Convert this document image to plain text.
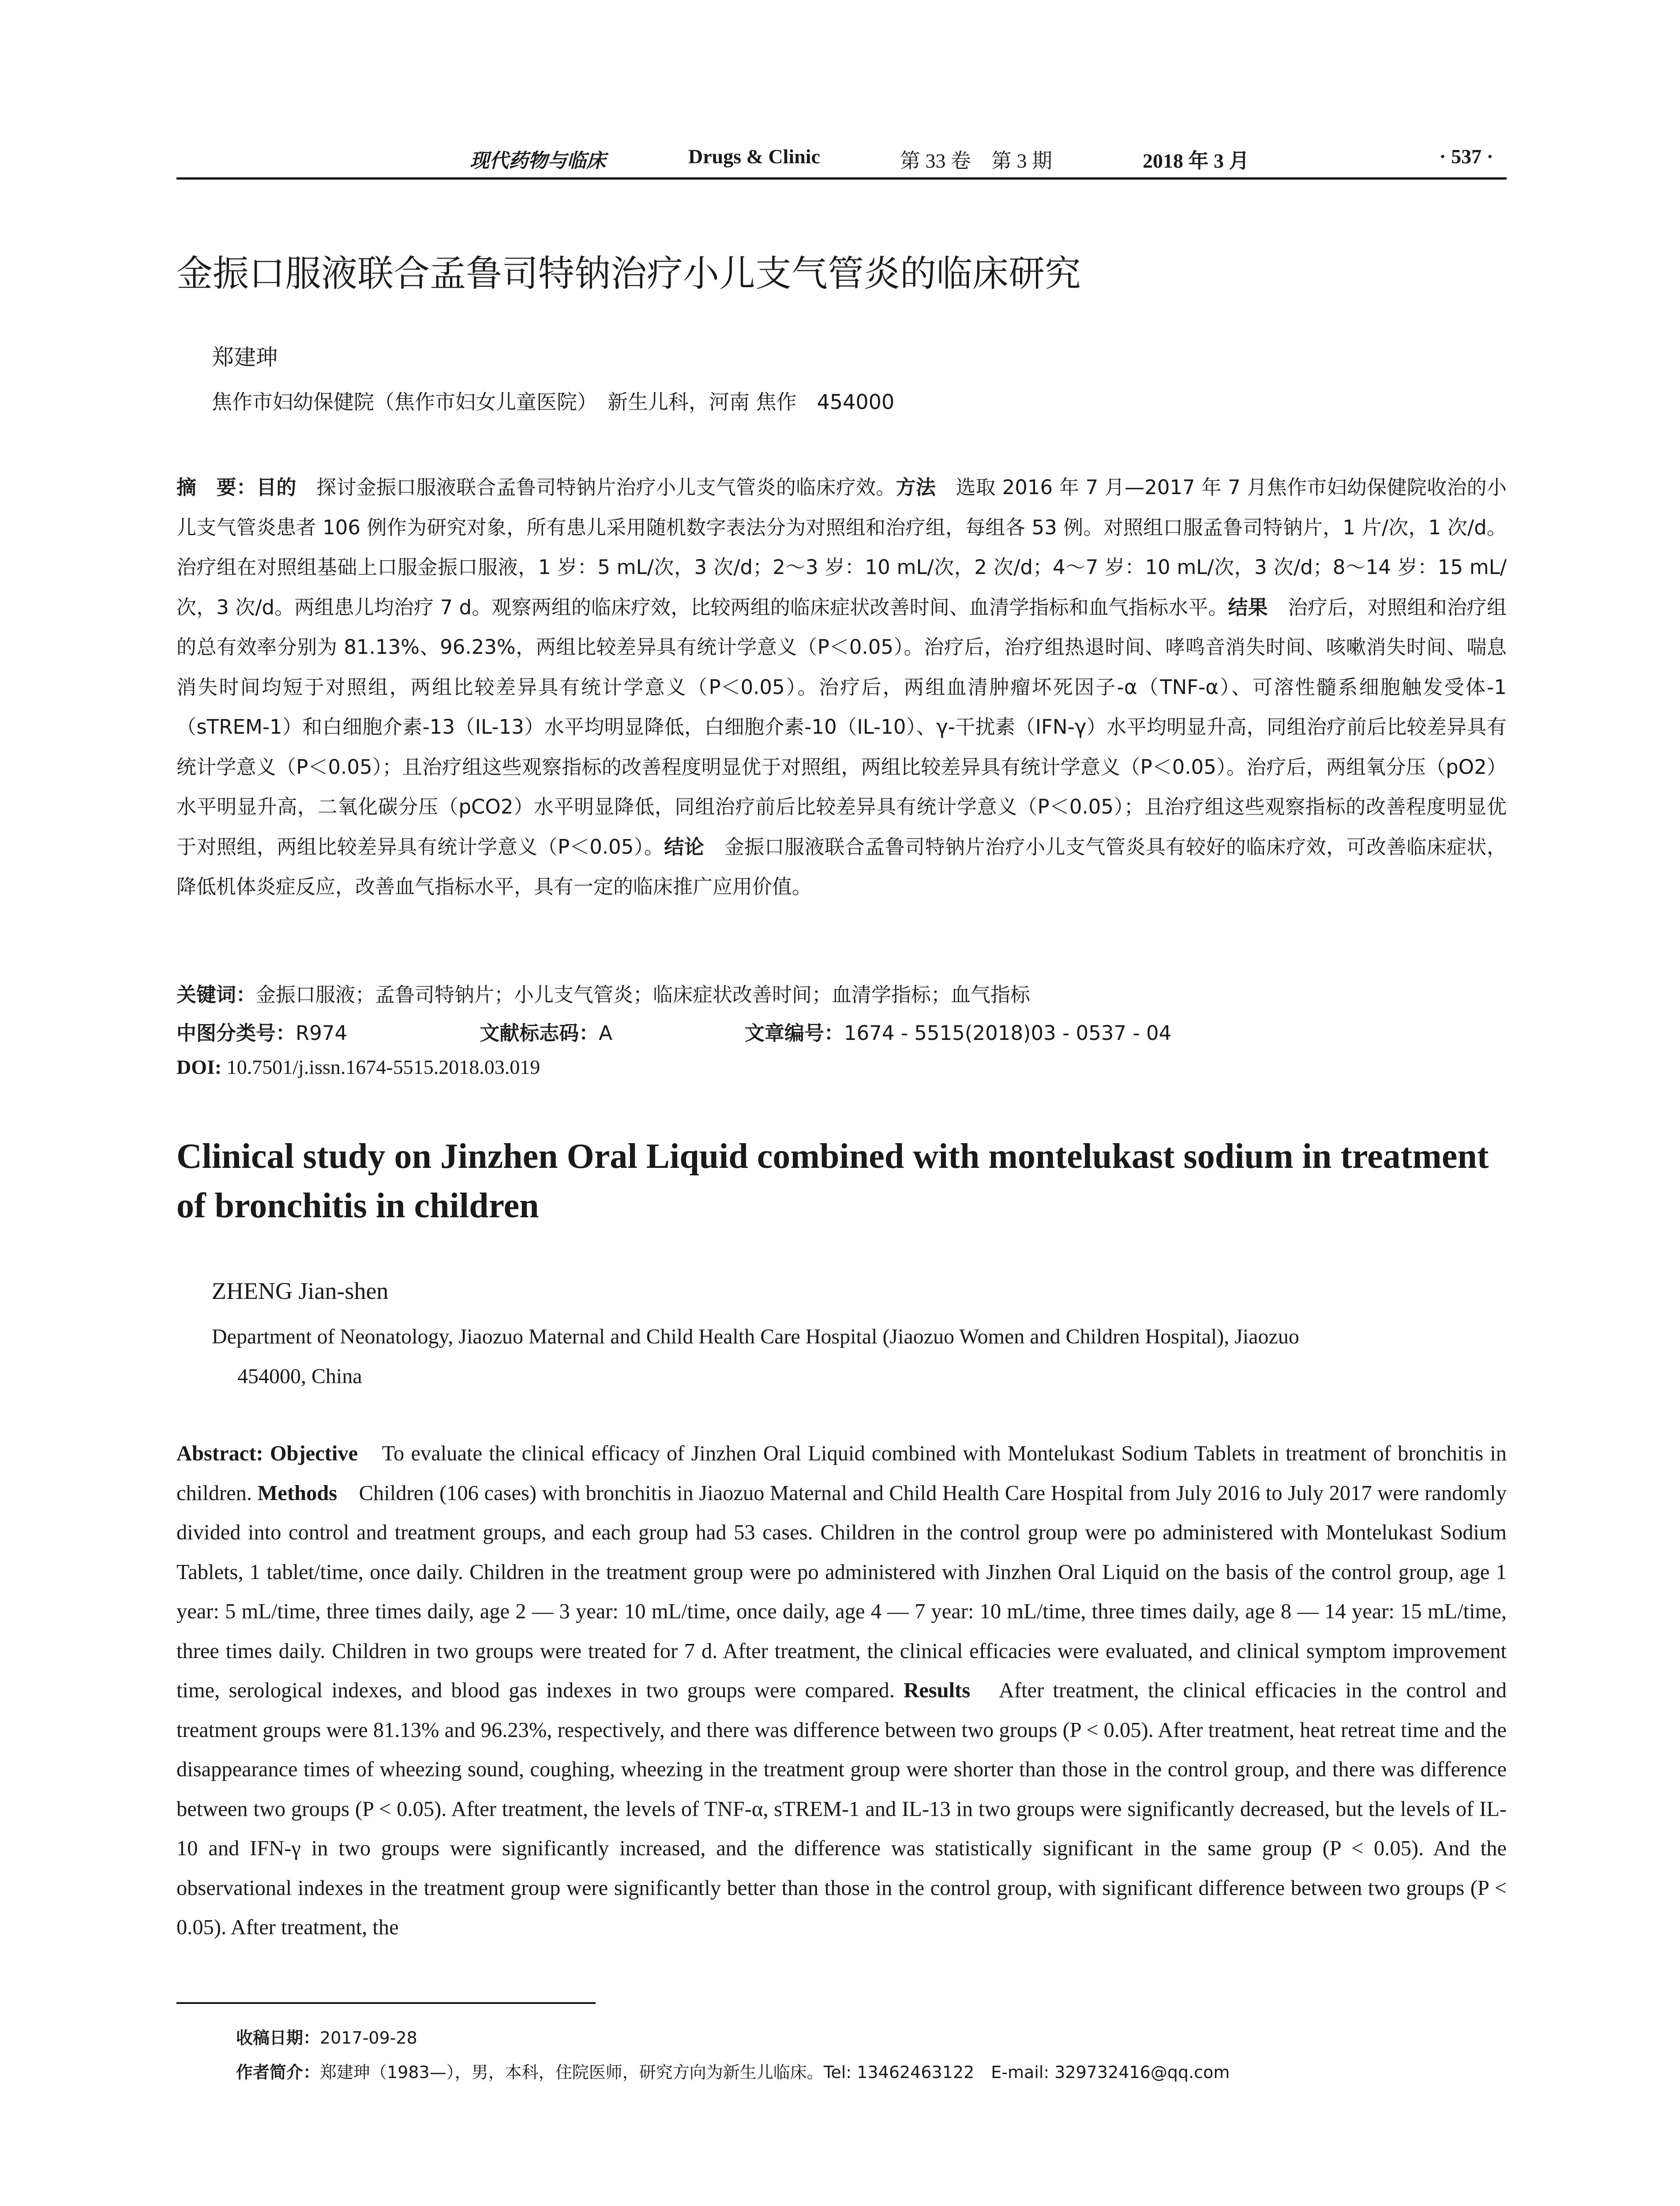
现代药物与临床	Drugs & Clinic	第 33 卷　第 3 期	2018 年 3 月	· 537 ·
金振口服液联合孟鲁司特钠治疗小儿支气管炎的临床研究
郑建珅
焦作市妇幼保健院（焦作市妇女儿童医院）　新生儿科，河南 焦作　454000
摘　要：目的　探讨金振口服液联合孟鲁司特钠片治疗小儿支气管炎的临床疗效。方法　选取 2016 年 7 月—2017 年 7 月焦作市妇幼保健院收治的小儿支气管炎患者 106 例作为研究对象，所有患儿采用随机数字表法分为对照组和治疗组，每组各 53 例。对照组口服孟鲁司特钠片，1 片/次，1 次/d。治疗组在对照组基础上口服金振口服液，1 岁：5 mL/次，3 次/d；2～3 岁：10 mL/次，2 次/d；4～7 岁：10 mL/次，3 次/d；8～14 岁：15 mL/次，3 次/d。两组患儿均治疗 7 d。观察两组的临床疗效，比较两组的临床症状改善时间、血清学指标和血气指标水平。结果　治疗后，对照组和治疗组的总有效率分别为 81.13%、96.23%，两组比较差异具有统计学意义（P＜0.05）。治疗后，治疗组热退时间、哮鸣音消失时间、咳嗽消失时间、喘息消失时间均短于对照组，两组比较差异具有统计学意义（P＜0.05）。治疗后，两组血清肿瘤坏死因子-α（TNF-α）、可溶性髓系细胞触发受体-1（sTREM-1）和白细胞介素-13（IL-13）水平均明显降低，白细胞介素-10（IL-10）、γ-干扰素（IFN-γ）水平均明显升高，同组治疗前后比较差异具有统计学意义（P＜0.05）；且治疗组这些观察指标的改善程度明显优于对照组，两组比较差异具有统计学意义（P＜0.05）。治疗后，两组氧分压（pO2）水平明显升高，二氧化碳分压（pCO2）水平明显降低，同组治疗前后比较差异具有统计学意义（P＜0.05）；且治疗组这些观察指标的改善程度明显优于对照组，两组比较差异具有统计学意义（P＜0.05）。结论　金振口服液联合孟鲁司特钠片治疗小儿支气管炎具有较好的临床疗效，可改善临床症状，降低机体炎症反应，改善血气指标水平，具有一定的临床推广应用价值。
关键词：金振口服液；孟鲁司特钠片；小儿支气管炎；临床症状改善时间；血清学指标；血气指标
中图分类号：R974	文献标志码：A	文章编号：1674 - 5515(2018)03 - 0537 - 04
DOI: 10.7501/j.issn.1674-5515.2018.03.019
Clinical study on Jinzhen Oral Liquid combined with montelukast sodium in treatment of bronchitis in children
ZHENG Jian-shen
Department of Neonatology, Jiaozuo Maternal and Child Health Care Hospital (Jiaozuo Women and Children Hospital), Jiaozuo
454000, China
Abstract: Objective　To evaluate the clinical efficacy of Jinzhen Oral Liquid combined with Montelukast Sodium Tablets in treatment of bronchitis in children. Methods　Children (106 cases) with bronchitis in Jiaozuo Maternal and Child Health Care Hospital from July 2016 to July 2017 were randomly divided into control and treatment groups, and each group had 53 cases. Children in the control group were po administered with Montelukast Sodium Tablets, 1 tablet/time, once daily. Children in the treatment group were po administered with Jinzhen Oral Liquid on the basis of the control group, age 1 year: 5 mL/time, three times daily, age 2 — 3 year: 10 mL/time, once daily, age 4 — 7 year: 10 mL/time, three times daily, age 8 — 14 year: 15 mL/time, three times daily. Children in two groups were treated for 7 d. After treatment, the clinical efficacies were evaluated, and clinical symptom improvement time, serological indexes, and blood gas indexes in two groups were compared. Results　After treatment, the clinical efficacies in the control and treatment groups were 81.13% and 96.23%, respectively, and there was difference between two groups (P < 0.05). After treatment, heat retreat time and the disappearance times of wheezing sound, coughing, wheezing in the treatment group were shorter than those in the control group, and there was difference between two groups (P < 0.05). After treatment, the levels of TNF-α, sTREM-1 and IL-13 in two groups were significantly decreased, but the levels of IL-10 and IFN-γ in two groups were significantly increased, and the difference was statistically significant in the same group (P < 0.05). And the observational indexes in the treatment group were significantly better than those in the control group, with significant difference between two groups (P < 0.05). After treatment, the
收稿日期：2017-09-28
作者简介：郑建珅（1983—），男，本科，住院医师，研究方向为新生儿临床。Tel: 13462463122　E-mail: 329732416@qq.com
